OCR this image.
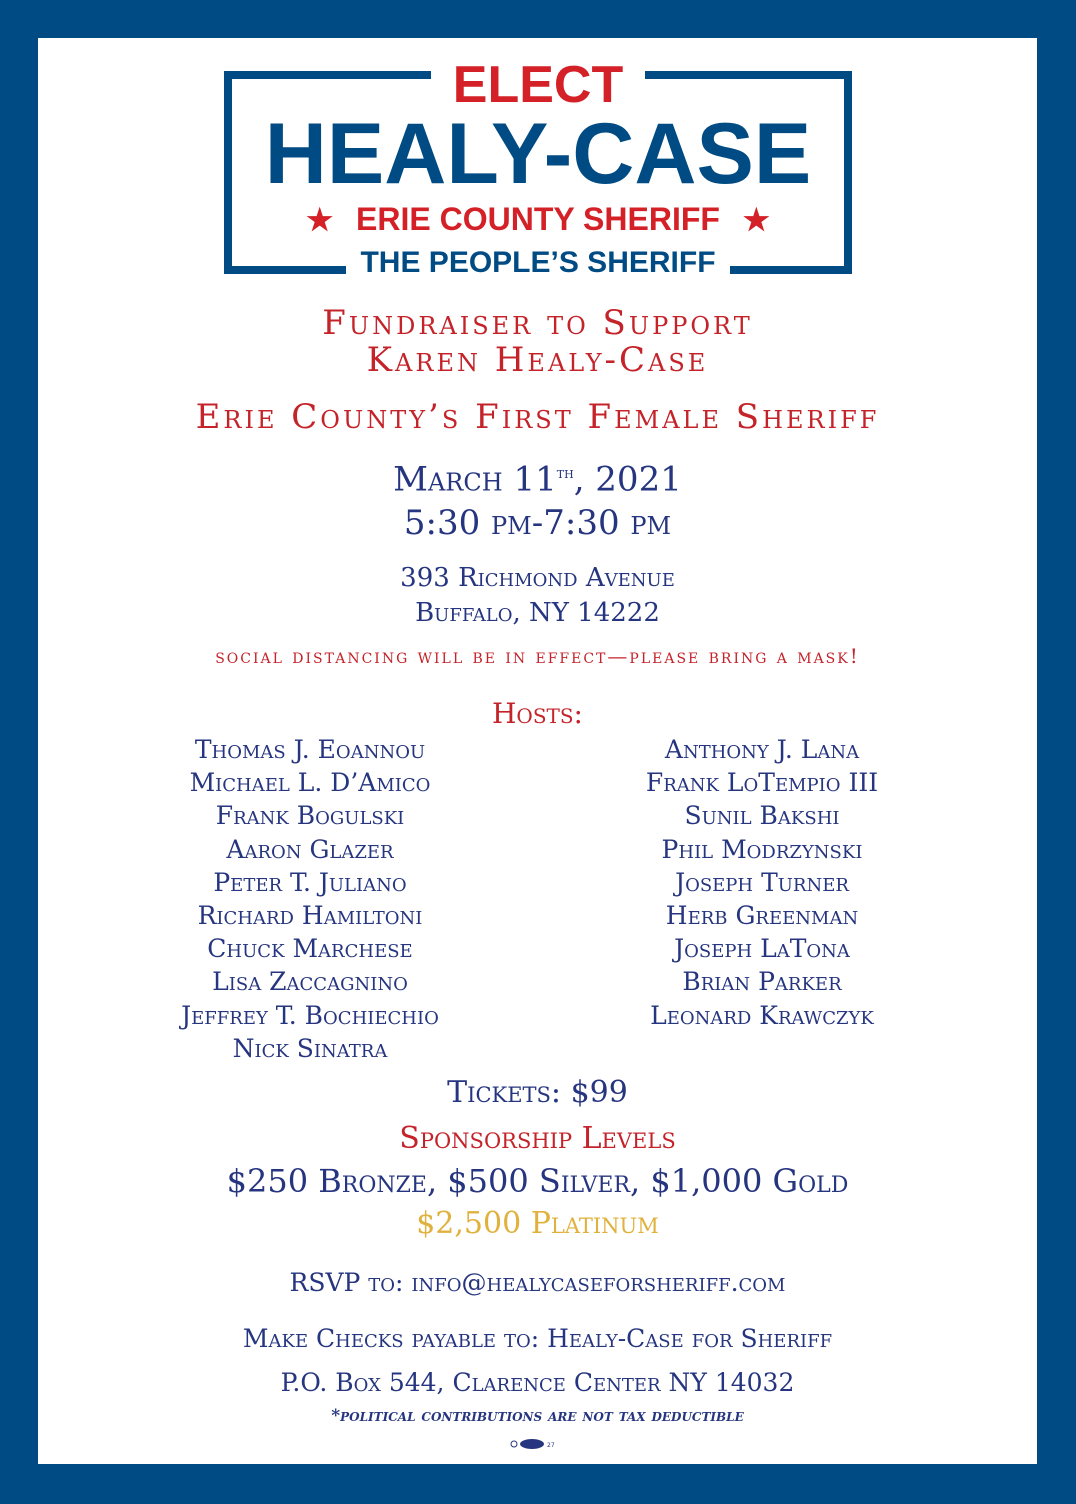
ELECT
HEALY-CASE
★ ERIE COUNTY SHERIFF ★
THE PEOPLE’S SHERIFF
Fundraiser to Support
Karen Healy-Case
Erie County’s First Female Sheriff
March 11th, 2021
5:30 pm-7:30 pm
393 Richmond Avenue
Buffalo, NY 14222
social distancing will be in effect—please bring a mask!
Hosts:
Thomas J. Eoannou
Michael L. D’Amico
Frank Bogulski
Aaron Glazer
Peter T. Juliano
Richard Hamiltoni
Chuck Marchese
Lisa Zaccagnino
Jeffrey T. Bochiechio
Nick Sinatra
Anthony J. Lana
Frank LoTempio III
Sunil Bakshi
Phil Modrzynski
Joseph Turner
Herb Greenman
Joseph LaTona
Brian Parker
Leonard Krawczyk
Tickets: $99
Sponsorship Levels
$250 Bronze, $500 Silver, $1,000 Gold
$2,500 Platinum
RSVP to: info@healycaseforsheriff.com
Make Checks payable to: Healy-Case for Sheriff
P.O. Box 544, Clarence Center NY 14032
*political contributions are not tax deductible
27
